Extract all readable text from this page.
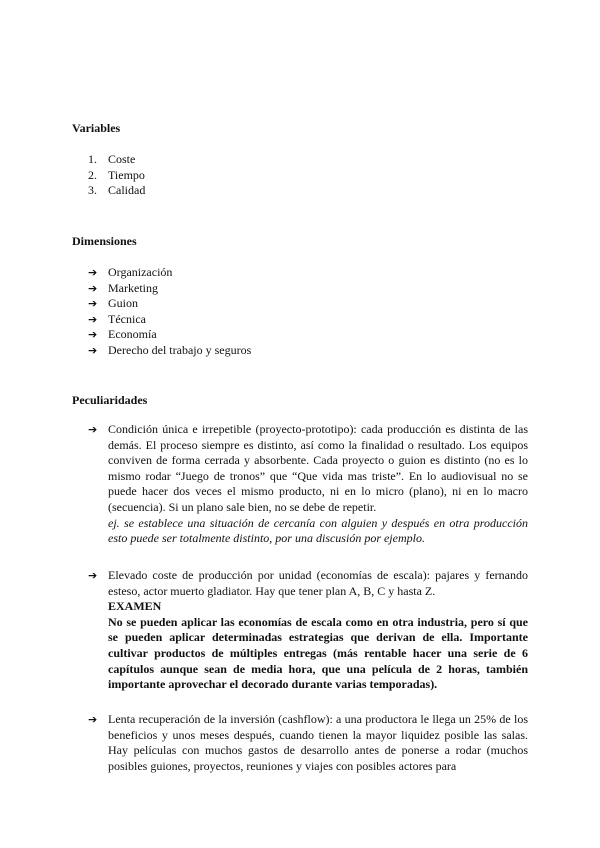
Variables
1. Coste
2. Tiempo
3. Calidad
Dimensiones
➔ Organización
➔ Marketing
➔ Guion
➔ Técnica
➔ Economía
➔ Derecho del trabajo y seguros
Peculiaridades
➔ Condición única e irrepetible (proyecto-prototipo): cada producción es distinta de las demás. El proceso siempre es distinto, así como la finalidad o resultado. Los equipos conviven de forma cerrada y absorbente. Cada proyecto o guion es distinto (no es lo mismo rodar “Juego de tronos” que “Que vida mas triste”. En lo audiovisual no se puede hacer dos veces el mismo producto, ni en lo micro (plano), ni en lo macro (secuencia). Si un plano sale bien, no se debe de repetir.

ej. se establece una situación de cercanía con alguien y después en otra producción esto puede ser totalmente distinto, por una discusión por ejemplo.

➔ Elevado coste de producción por unidad (economías de escala): pajares y fernando esteso, actor muerto gladiator. Hay que tener plan A, B, C y hasta Z.

EXAMEN

No se pueden aplicar las economías de escala como en otra industria, pero sí que se pueden aplicar determinadas estrategias que derivan de ella. Importante cultivar productos de múltiples entregas (más rentable hacer una serie de 6 capítulos aunque sean de media hora, que una película de 2 horas, también importante aprovechar el decorado durante varias temporadas).

➔ Lenta recuperación de la inversión (cashflow): a una productora le llega un 25% de los beneficios y unos meses después, cuando tienen la mayor liquidez posible las salas. Hay películas con muchos gastos de desarrollo antes de ponerse a rodar (muchos posibles guiones, proyectos, reuniones y viajes con posibles actores para
